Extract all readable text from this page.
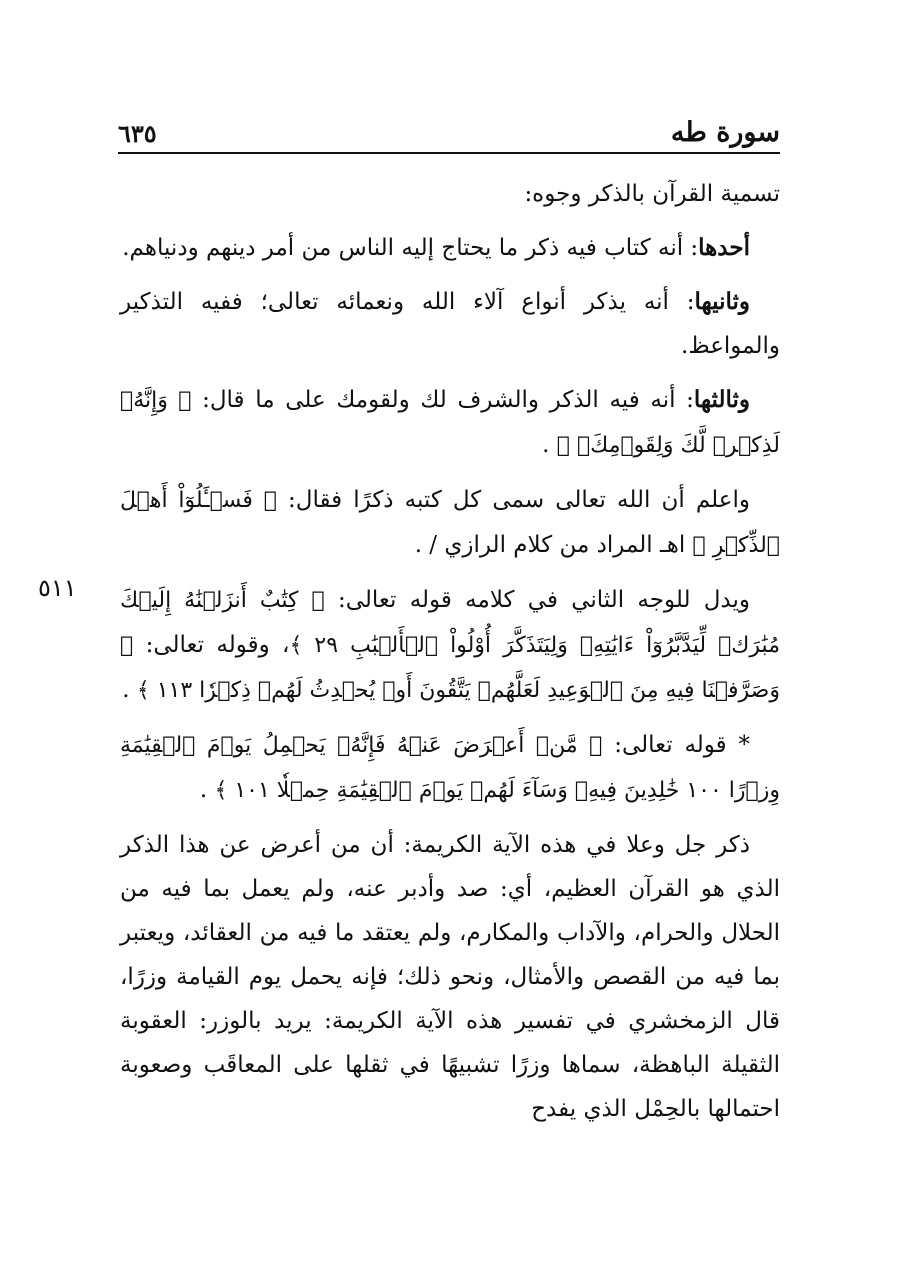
سورة طه
٦٣٥
٥١١

تسمية القرآن بالذكر وجوه:

أحدها: أنه كتاب فيه ذكر ما يحتاج إليه الناس من أمر دينهم ودنياهم.

وثانيها: أنه يذكر أنواع آلاء الله ونعمائه تعالى؛ ففيه التذكير والمواعظ.

وثالثها: أنه فيه الذكر والشرف لك ولقومك على ما قال: ﴿ وَإِنَّهُۥ لَذِكۡرٞ لَّكَ وَلِقَوۡمِكَۖ ﴾ .

واعلم أن الله تعالى سمى كل كتبه ذكرًا فقال: ﴿ فَسۡـَٔلُوٓاْ أَهۡلَ ٱلذِّكۡرِ ﴾ اهـ المراد من كلام الرازي / .

ويدل للوجه الثاني في كلامه قوله تعالى: ﴿ كِتَٰبٌ أَنزَلۡنَٰهُ إِلَيۡكَ مُبَٰرَكٞ لِّيَدَّبَّرُوٓاْ ءَايَٰتِهِۦ وَلِيَتَذَكَّرَ أُوْلُواْ ٱلۡأَلۡبَٰبِ ٢٩ ﴾، وقوله تعالى: ﴿ وَصَرَّفۡنَا فِيهِ مِنَ ٱلۡوَعِيدِ لَعَلَّهُمۡ يَتَّقُونَ أَوۡ يُحۡدِثُ لَهُمۡ ذِكۡرٗا ١١٣ ﴾ .

* قوله تعالى: ﴿ مَّنۡ أَعۡرَضَ عَنۡهُ فَإِنَّهُۥ يَحۡمِلُ يَوۡمَ ٱلۡقِيَٰمَةِ وِزۡرًا ١٠٠ خَٰلِدِينَ فِيهِۖ وَسَآءَ لَهُمۡ يَوۡمَ ٱلۡقِيَٰمَةِ حِمۡلٗا ١٠١ ﴾ .

ذكر جل وعلا في هذه الآية الكريمة: أن من أعرض عن هذا الذكر الذي هو القرآن العظيم، أي: صد وأدبر عنه، ولم يعمل بما فيه من الحلال والحرام، والآداب والمكارم، ولم يعتقد ما فيه من العقائد، ويعتبر بما فيه من القصص والأمثال، ونحو ذلك؛ فإنه يحمل يوم القيامة وزرًا، قال الزمخشري في تفسير هذه الآية الكريمة: يريد بالوزر: العقوبة الثقيلة الباهظة، سماها وزرًا تشبيهًا في ثقلها على المعاقَب وصعوبة احتمالها بالحِمْل الذي يفدح
